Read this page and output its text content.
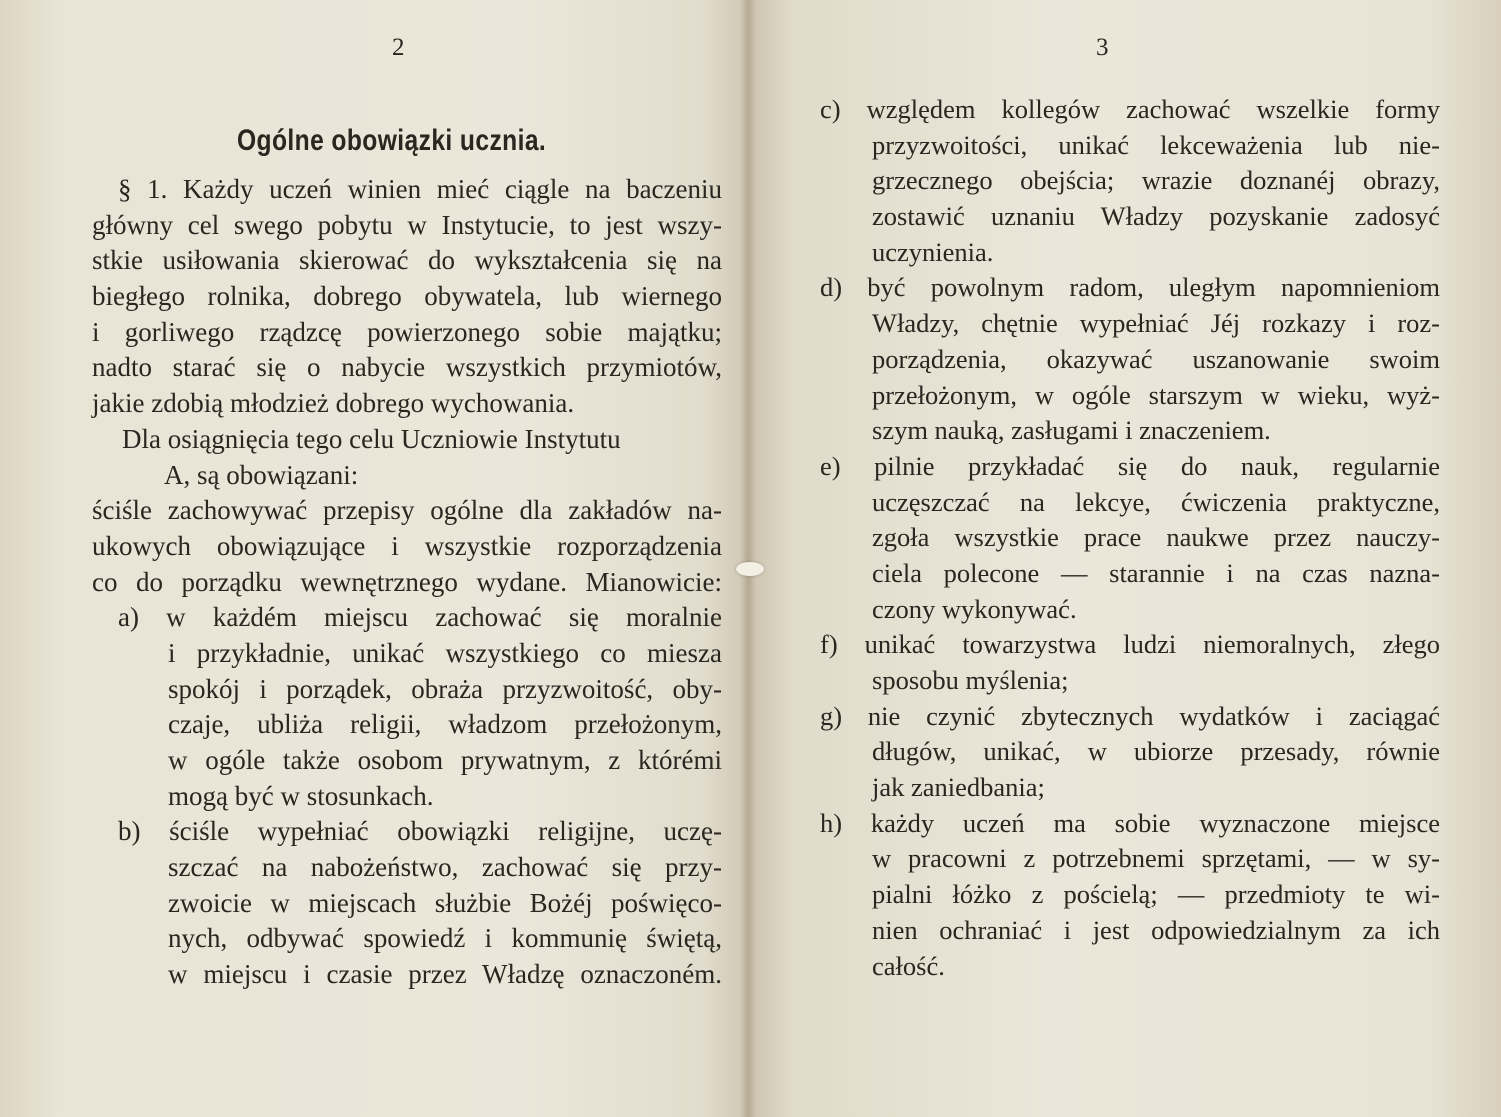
2

Ogólne obowiązki ucznia.
§ 1. Każdy uczeń winien mieć ciągle na baczeniu
główny cel swego pobytu w Instytucie, to jest wszy-
stkie usiłowania skierować do wykształcenia się na
biegłego rolnika, dobrego obywatela, lub wiernego
i gorliwego rządzcę powierzonego sobie majątku;
nadto starać się o nabycie wszystkich przymiotów,
jakie zdobią młodzież dobrego wychowania.
Dla osiągnięcia tego celu Uczniowie Instytutu
A, są obowiązani:
ściśle zachowywać przepisy ogólne dla zakładów na-
ukowych obowiązujące i wszystkie rozporządzenia
co do porządku wewnętrznego wydane. Mianowicie:
a) w każdém miejscu zachować się moralnie
i przykładnie, unikać wszystkiego co miesza
spokój i porządek, obraża przyzwoitość, oby-
czaje, ubliża religii, władzom przełożonym,
w ogóle także osobom prywatnym, z którémi
mogą być w stosunkach.
b) ściśle wypełniać obowiązki religijne, uczę-
szczać na nabożeństwo, zachować się przy-
zwoicie w miejscach służbie Bożéj poświęco-
nych, odbywać spowiedź i kommunię świętą,
w miejscu i czasie przez Władzę oznaczoném.

3

c) względem kollegów zachować wszelkie formy
przyzwoitości, unikać lekceważenia lub nie-
grzecznego obejścia; wrazie doznanéj obrazy,
zostawić uznaniu Władzy pozyskanie zadosyć
uczynienia.
d) być powolnym radom, uległym napomnieniom
Władzy, chętnie wypełniać Jéj rozkazy i roz-
porządzenia, okazywać uszanowanie swoim
przełożonym, w ogóle starszym w wieku, wyż-
szym nauką, zasługami i znaczeniem.
e) pilnie przykładać się do nauk, regularnie
uczęszczać na lekcye, ćwiczenia praktyczne,
zgoła wszystkie prace naukwe przez nauczy-
ciela polecone — starannie i na czas nazna-
czony wykonywać.
f) unikać towarzystwa ludzi niemoralnych, złego
sposobu myślenia;
g) nie czynić zbytecznych wydatków i zaciągać
długów, unikać, w ubiorze przesady, równie
jak zaniedbania;
h) każdy uczeń ma sobie wyznaczone miejsce
w pracowni z potrzebnemi sprzętami, — w sy-
pialni łóżko z pościelą; — przedmioty te wi-
nien ochraniać i jest odpowiedzialnym za ich
całość.
